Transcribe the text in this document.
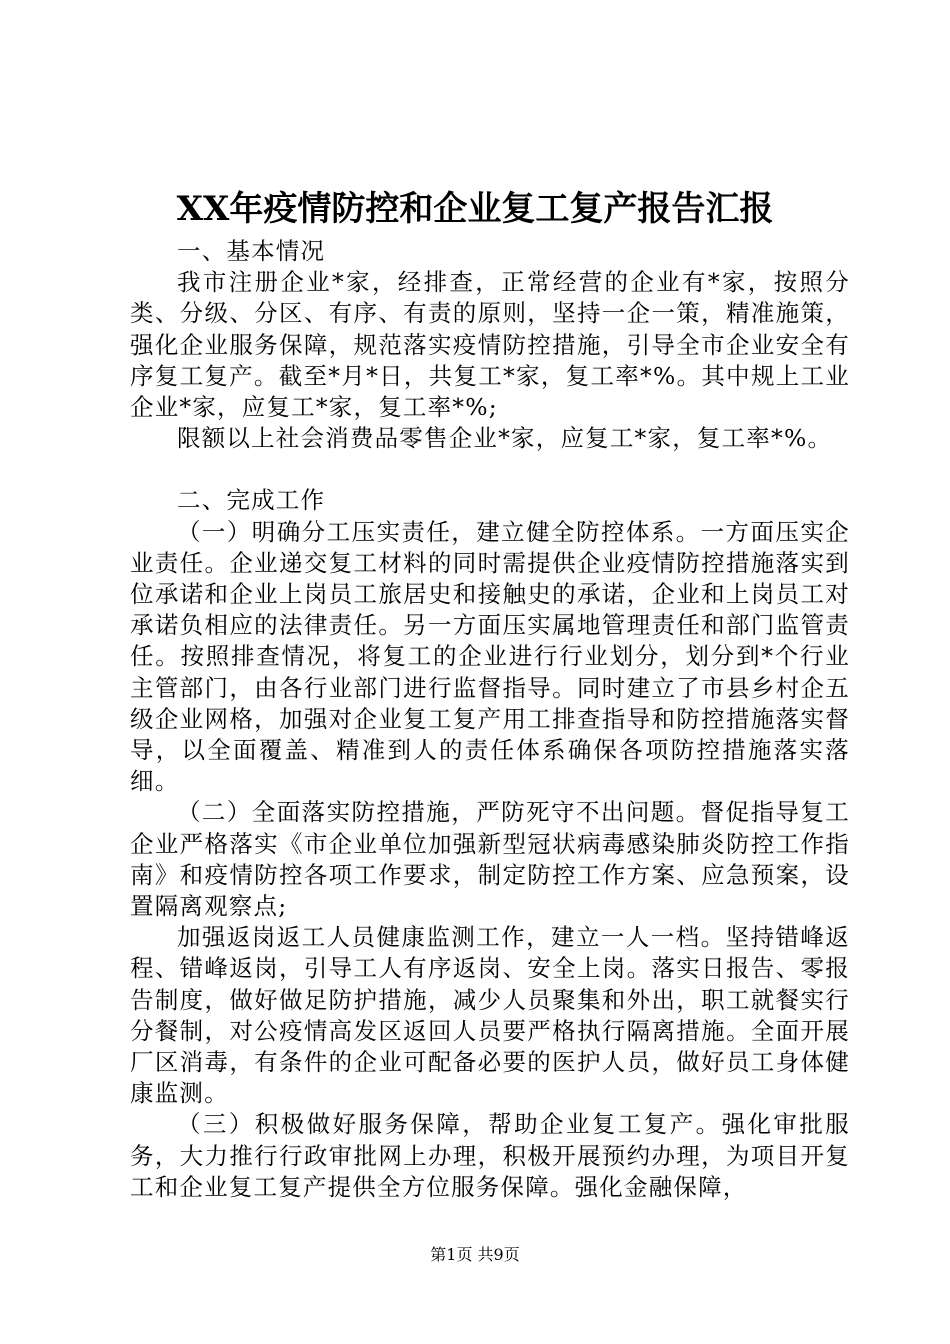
XX年疫情防控和企业复工复产报告汇报

一、基本情况

我市注册企业*家，经排查，正常经营的企业有*家，按照分类、分级、分区、有序、有责的原则，坚持一企一策，精准施策，强化企业服务保障，规范落实疫情防控措施，引导全市企业安全有序复工复产。截至*月*日，共复工*家，复工率*%。其中规上工业企业*家，应复工*家，复工率*%;

限额以上社会消费品零售企业*家，应复工*家，复工率*%。

二、完成工作

（一）明确分工压实责任，建立健全防控体系。一方面压实企业责任。企业递交复工材料的同时需提供企业疫情防控措施落实到位承诺和企业上岗员工旅居史和接触史的承诺，企业和上岗员工对承诺负相应的法律责任。另一方面压实属地管理责任和部门监管责任。按照排查情况，将复工的企业进行行业划分，划分到*个行业主管部门，由各行业部门进行监督指导。同时建立了市县乡村企五级企业网格，加强对企业复工复产用工排查指导和防控措施落实督导，以全面覆盖、精准到人的责任体系确保各项防控措施落实落细。

（二）全面落实防控措施，严防死守不出问题。督促指导复工企业严格落实《市企业单位加强新型冠状病毒感染肺炎防控工作指南》和疫情防控各项工作要求，制定防控工作方案、应急预案，设置隔离观察点;

加强返岗返工人员健康监测工作，建立一人一档。坚持错峰返程、错峰返岗，引导工人有序返岗、安全上岗。落实日报告、零报告制度，做好做足防护措施，减少人员聚集和外出，职工就餐实行分餐制，对公疫情高发区返回人员要严格执行隔离措施。全面开展厂区消毒，有条件的企业可配备必要的医护人员，做好员工身体健康监测。

（三）积极做好服务保障，帮助企业复工复产。强化审批服务，大力推行行政审批网上办理，积极开展预约办理，为项目开复工和企业复工复产提供全方位服务保障。强化金融保障，

第1页 共9页
